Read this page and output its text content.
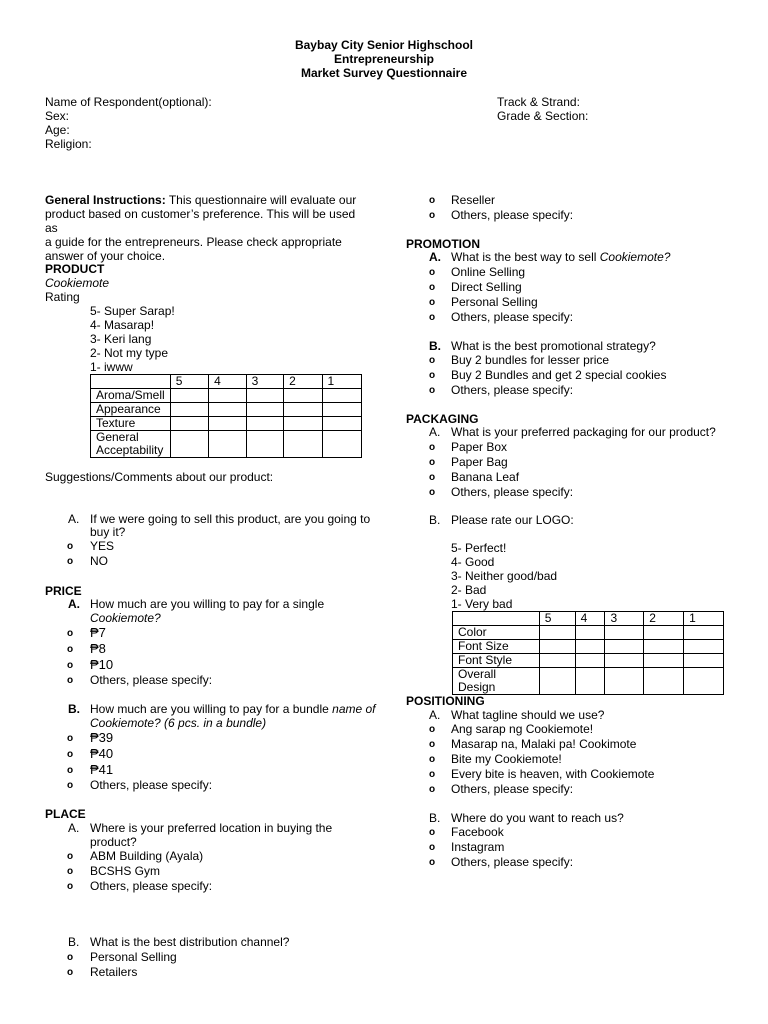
Baybay City Senior Highschool
Entrepreneurship
Market Survey Questionnaire
Name of Respondent(optional):
Sex:
Age:
Religion:
Track & Strand:
Grade & Section:
General Instructions: This questionnaire will evaluate our
product based on customer’s preference. This will be used as
a guide for the entrepreneurs. Please check appropriate
answer of your choice.
PRODUCT
Cookiemote
Rating
5- Super Sarap!
4- Masarap!
3- Keri lang
2- Not my type
1- iwww
	5	4	3	2	1
Aroma/Smell					
Appearance					
Texture					
General Acceptability					
Suggestions/Comments about our product:
A. If we were going to sell this product, are you going to
buy it?
o YES
o NO
PRICE
A. How much are you willing to pay for a single
Cookiemote?
o ₱7
o ₱8
o ₱10
o Others, please specify:
B. How much are you willing to pay for a bundle name of
Cookiemote? (6 pcs. in a bundle)
o ₱39
o ₱40
o ₱41
o Others, please specify:
PLACE
A. Where is your preferred location in buying the
product?
o ABM Building (Ayala)
o BCSHS Gym
o Others, please specify:
B. What is the best distribution channel?
o Personal Selling
o Retailers
o Reseller
o Others, please specify:
PROMOTION
A. What is the best way to sell Cookiemote?
o Online Selling
o Direct Selling
o Personal Selling
o Others, please specify:
B. What is the best promotional strategy?
o Buy 2 bundles for lesser price
o Buy 2 Bundles and get 2 special cookies
o Others, please specify:
PACKAGING
A. What is your preferred packaging for our product?
o Paper Box
o Paper Bag
o Banana Leaf
o Others, please specify:
B. Please rate our LOGO:
5- Perfect!
4- Good
3- Neither good/bad
2- Bad
1- Very bad
	5	4	3	2	1
Color					
Font Size					
Font Style					
Overall Design					
POSITIONING
A. What tagline should we use?
o Ang sarap ng Cookiemote!
o Masarap na, Malaki pa! Cookimote
o Bite my Cookiemote!
o Every bite is heaven, with Cookiemote
o Others, please specify:
B. Where do you want to reach us?
o Facebook
o Instagram
o Others, please specify:
